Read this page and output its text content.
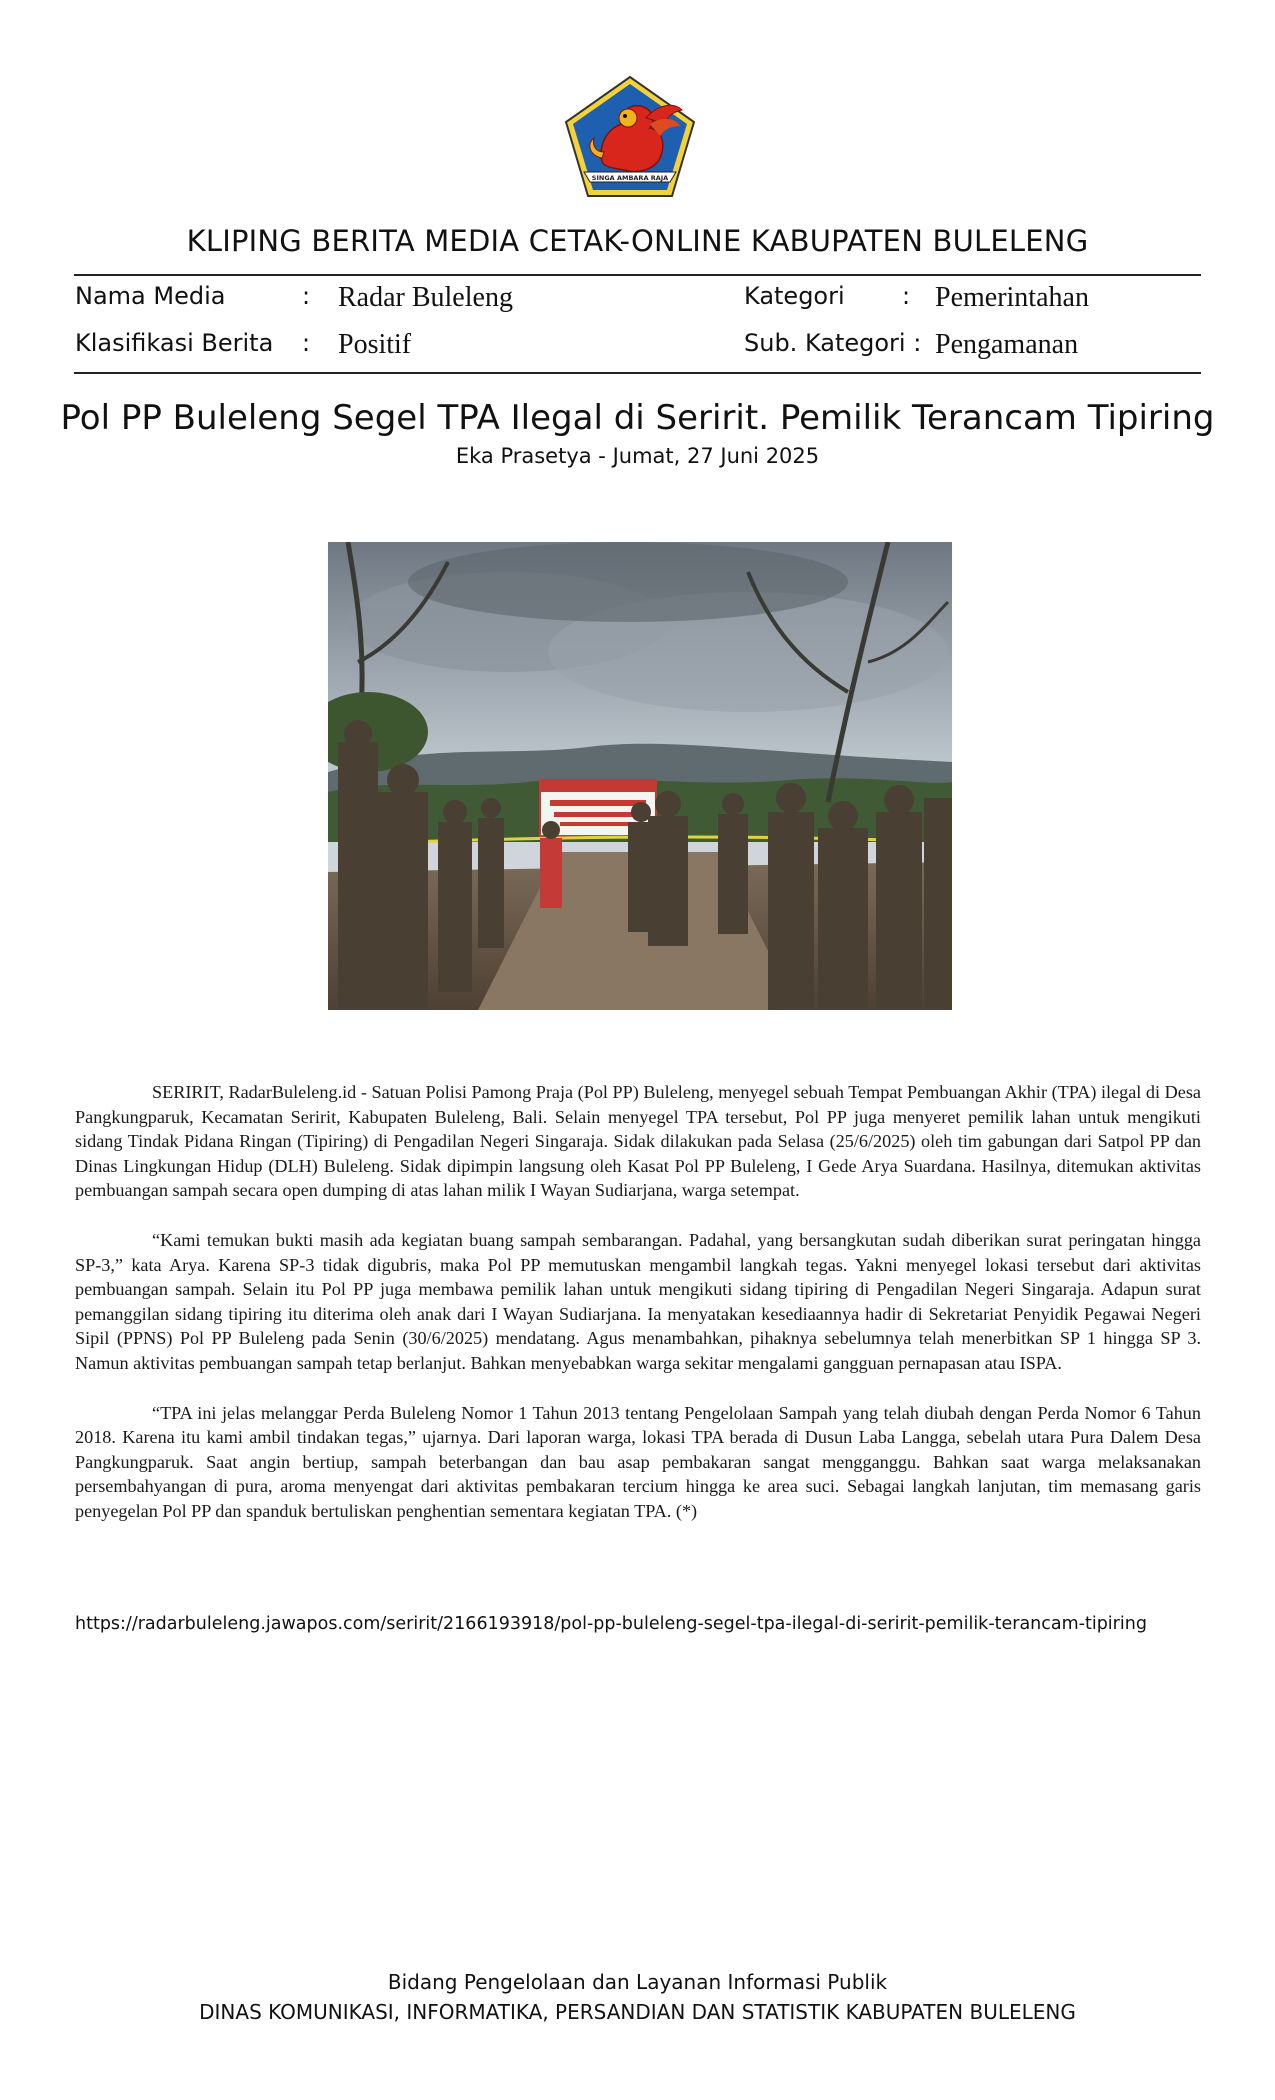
SINGA AMBARA RAJA
KLIPING BERITA MEDIA CETAK-ONLINE KABUPATEN BULELENG
Nama Media	: Radar Buleleng	Kategori : Pemerintahan
Klasifikasi Berita : Positif	Sub. Kategori : Pengamanan
Pol PP Buleleng Segel TPA Ilegal di Seririt. Pemilik Terancam Tipiring
Eka Prasetya - Jumat, 27 Juni 2025

SERIRIT, RadarBuleleng.id - Satuan Polisi Pamong Praja (Pol PP) Buleleng, menyegel sebuah Tempat Pembuangan Akhir (TPA) ilegal di Desa Pangkungparuk, Kecamatan Seririt, Kabupaten Buleleng, Bali. Selain menyegel TPA tersebut, Pol PP juga menyeret pemilik lahan untuk mengikuti sidang Tindak Pidana Ringan (Tipiring) di Pengadilan Negeri Singaraja. Sidak dilakukan pada Selasa (25/6/2025) oleh tim gabungan dari Satpol PP dan Dinas Lingkungan Hidup (DLH) Buleleng. Sidak dipimpin langsung oleh Kasat Pol PP Buleleng, I Gede Arya Suardana. Hasilnya, ditemukan aktivitas pembuangan sampah secara open dumping di atas lahan milik I Wayan Sudiarjana, warga setempat.

“Kami temukan bukti masih ada kegiatan buang sampah sembarangan. Padahal, yang bersangkutan sudah diberikan surat peringatan hingga SP-3,” kata Arya. Karena SP-3 tidak digubris, maka Pol PP memutuskan mengambil langkah tegas. Yakni menyegel lokasi tersebut dari aktivitas pembuangan sampah. Selain itu Pol PP juga membawa pemilik lahan untuk mengikuti sidang tipiring di Pengadilan Negeri Singaraja. Adapun surat pemanggilan sidang tipiring itu diterima oleh anak dari I Wayan Sudiarjana. Ia menyatakan kesediaannya hadir di Sekretariat Penyidik Pegawai Negeri Sipil (PPNS) Pol PP Buleleng pada Senin (30/6/2025) mendatang. Agus menambahkan, pihaknya sebelumnya telah menerbitkan SP 1 hingga SP 3. Namun aktivitas pembuangan sampah tetap berlanjut. Bahkan menyebabkan warga sekitar mengalami gangguan pernapasan atau ISPA.

“TPA ini jelas melanggar Perda Buleleng Nomor 1 Tahun 2013 tentang Pengelolaan Sampah yang telah diubah dengan Perda Nomor 6 Tahun 2018. Karena itu kami ambil tindakan tegas,” ujarnya. Dari laporan warga, lokasi TPA berada di Dusun Laba Langga, sebelah utara Pura Dalem Desa Pangkungparuk. Saat angin bertiup, sampah beterbangan dan bau asap pembakaran sangat mengganggu. Bahkan saat warga melaksanakan persembahyangan di pura, aroma menyengat dari aktivitas pembakaran tercium hingga ke area suci. Sebagai langkah lanjutan, tim memasang garis penyegelan Pol PP dan spanduk bertuliskan penghentian sementara kegiatan TPA. (*)

https://radarbuleleng.jawapos.com/seririt/2166193918/pol-pp-buleleng-segel-tpa-ilegal-di-seririt-pemilik-terancam-tipiring
Bidang Pengelolaan dan Layanan Informasi Publik
DINAS KOMUNIKASI, INFORMATIKA, PERSANDIAN DAN STATISTIK KABUPATEN BULELENG
